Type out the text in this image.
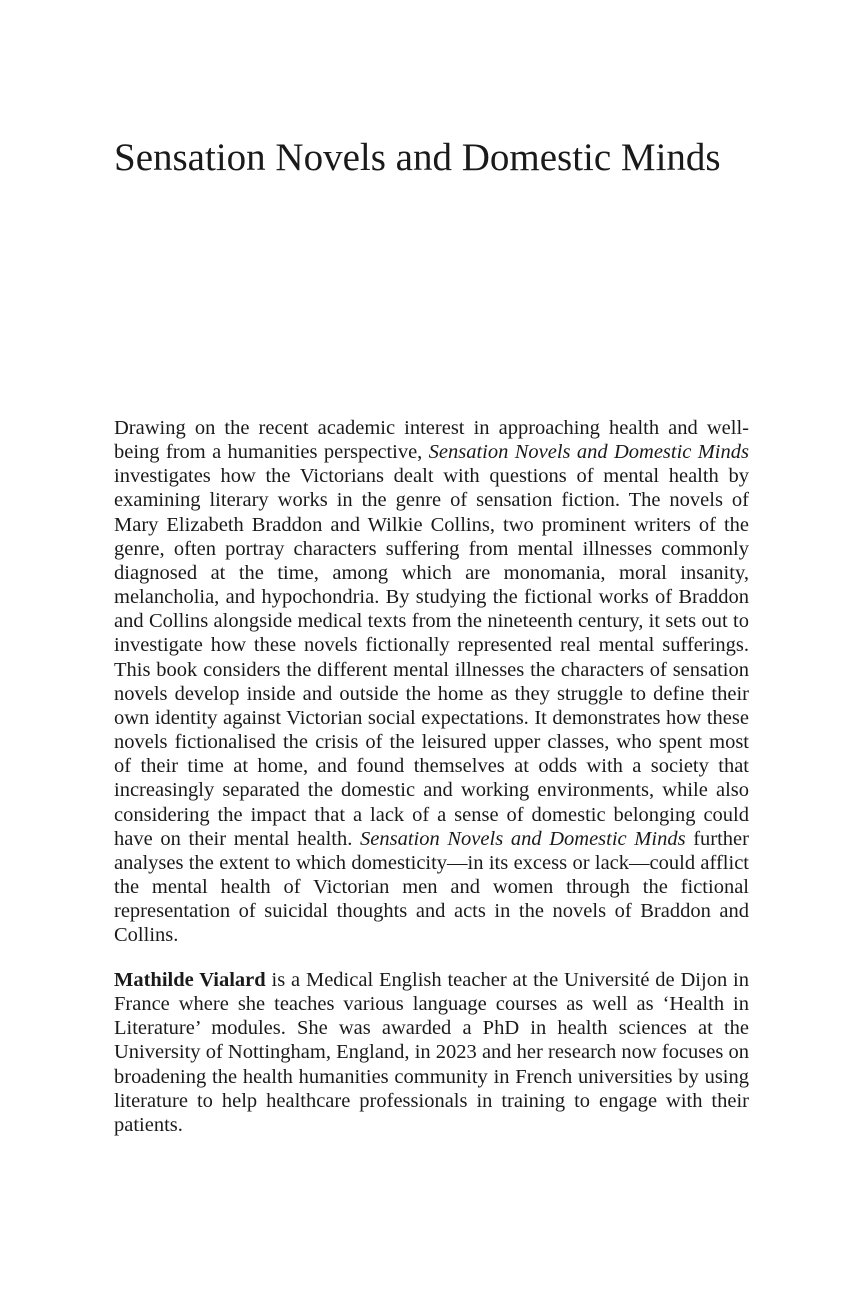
Sensation Novels and Domestic Minds

Drawing on the recent academic interest in approaching health and well-being from a humanities perspective, Sensation Novels and Domestic Minds investigates how the Victorians dealt with questions of mental health by examining literary works in the genre of sensation fiction. The novels of Mary Elizabeth Braddon and Wilkie Collins, two prominent writers of the genre, often portray characters suffering from mental illnesses commonly diagnosed at the time, among which are monomania, moral insanity, melancholia, and hypochondria. By studying the fictional works of Braddon and Collins alongside medical texts from the nineteenth century, it sets out to investigate how these novels fictionally represented real mental sufferings. This book considers the different mental illnesses the characters of sensation novels develop inside and outside the home as they struggle to define their own identity against Victorian social expectations. It demonstrates how these novels fictionalised the crisis of the leisured upper classes, who spent most of their time at home, and found themselves at odds with a society that increasingly separated the domestic and working environments, while also considering the impact that a lack of a sense of domestic belonging could have on their mental health. Sensation Novels and Domestic Minds further analyses the extent to which domesticity—in its excess or lack—could afflict the mental health of Victorian men and women through the fictional representation of suicidal thoughts and acts in the novels of Braddon and Collins.

Mathilde Vialard is a Medical English teacher at the Université de Dijon in France where she teaches various language courses as well as ‘Health in Literature’ modules. She was awarded a PhD in health sciences at the University of Nottingham, England, in 2023 and her research now focuses on broadening the health humanities community in French universities by using literature to help healthcare professionals in training to engage with their patients.
